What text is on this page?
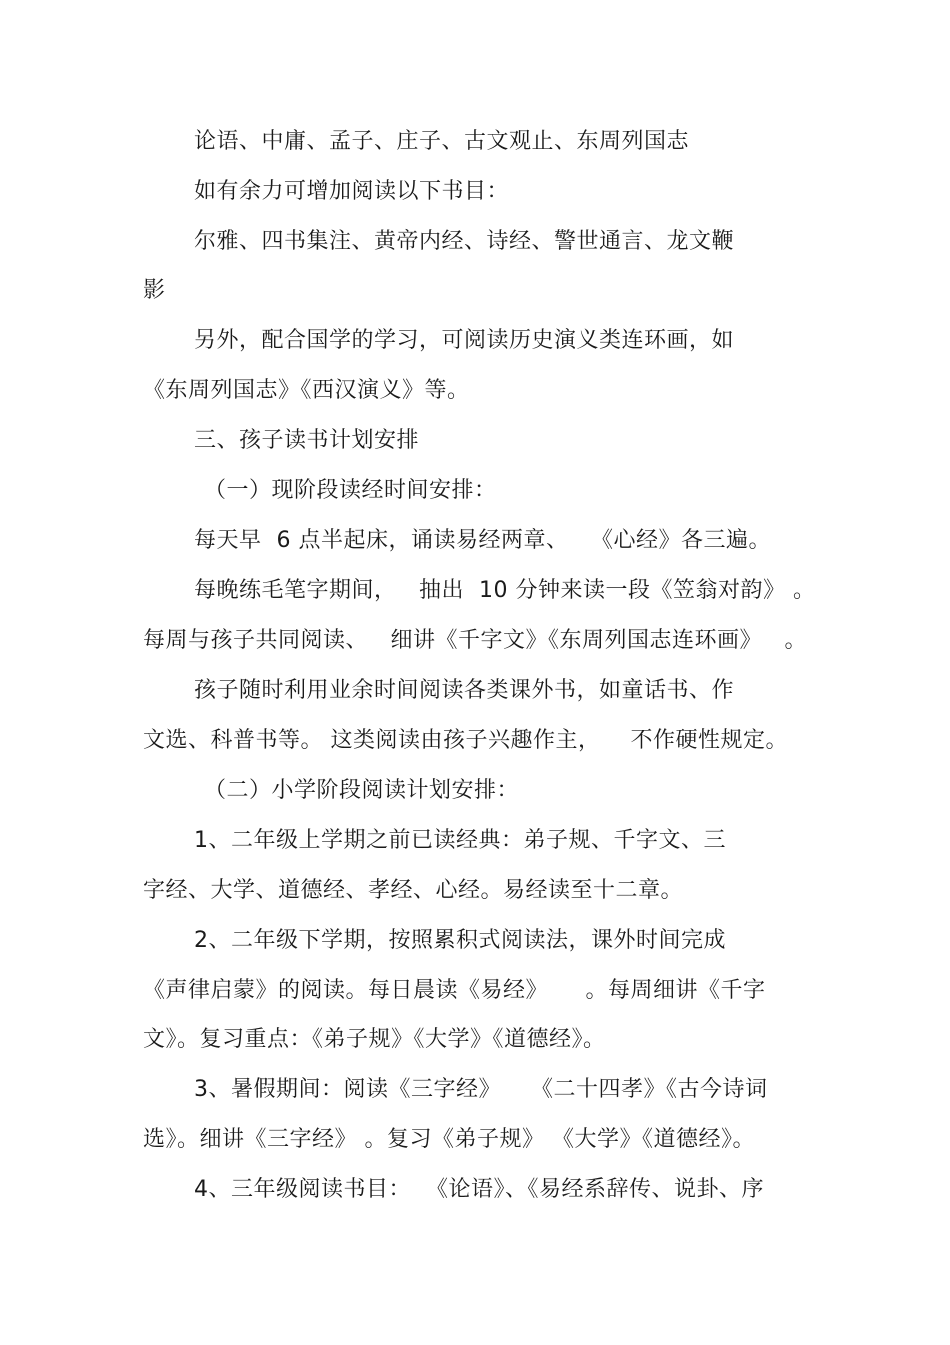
论语、中庸、孟子、庄子、古文观止、东周列国志
如有余力可增加阅读以下书目：
尔雅、四书集注、黄帝内经、诗经、警世通言、龙文鞭
影
另外，配合国学的学习，可阅读历史演义类连环画，如
《东周列国志》《西汉演义》等。
三、孩子读书计划安排
（一）现阶段读经时间安排：
每天早  6 点半起床，诵读易经两章、   《心经》各三遍。
每晚练毛笔字期间，   抽出  10 分钟来读一段《笠翁对韵》 。
每周与孩子共同阅读、   细讲《千字文》《东周列国志连环画》   。
孩子随时利用业余时间阅读各类课外书，如童话书、作
文选、科普书等。 这类阅读由孩子兴趣作主，    不作硬性规定。
（二）小学阶段阅读计划安排：
1、二年级上学期之前已读经典：弟子规、千字文、三
字经、大学、道德经、孝经、心经。易经读至十二章。
2、二年级下学期，按照累积式阅读法，课外时间完成
《声律启蒙》的阅读。每日晨读《易经》     。每周细讲《千字
文》。复习重点：《弟子规》《大学》《道德经》。
3、暑假期间：阅读《三字经》    《二十四孝》《古今诗词
选》。细讲《三字经》 。复习《弟子规》 《大学》《道德经》。
4、三年级阅读书目：  《论语》、《易经系辞传、说卦、序
